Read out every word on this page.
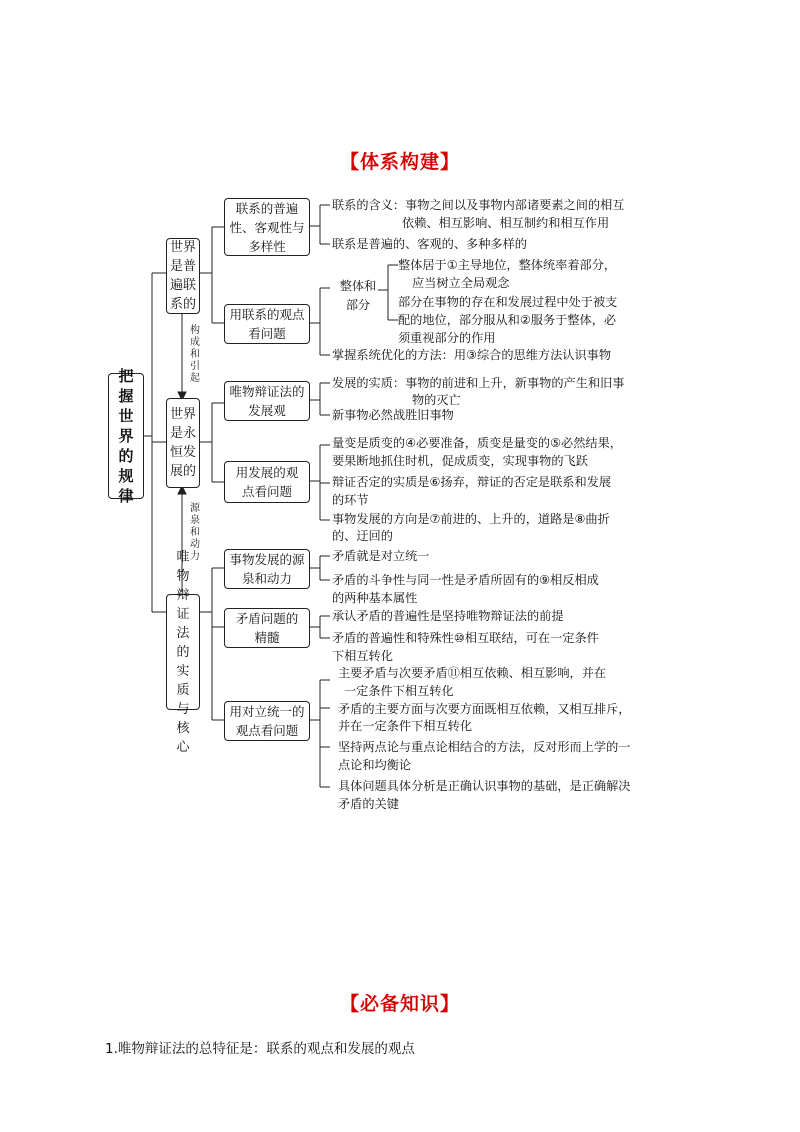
【体系构建】
把握世界的规律
世界是普遍联系的
世界是永恒发展的
唯物辩证法的实质与核心
构成和引起
源泉和动力
联系的普遍性、客观性与多样性
用联系的观点看问题
唯物辩证法的发展观
用发展的观点看问题
事物发展的源泉和动力
矛盾问题的精髓
用对立统一的观点看问题
整体和部分
联系的含义：事物之间以及事物内部诸要素之间的相互
依赖、相互影响、相互制约和相互作用
联系是普遍的、客观的、多种多样的
整体居于①主导地位，整体统率着部分，
应当树立全局观念
部分在事物的存在和发展过程中处于被支
配的地位，部分服从和②服务于整体，必
须重视部分的作用
掌握系统优化的方法：用③综合的思维方法认识事物
发展的实质：事物的前进和上升，新事物的产生和旧事
物的灭亡
新事物必然战胜旧事物
量变是质变的④必要准备，质变是量变的⑤必然结果，
要果断地抓住时机，促成质变，实现事物的飞跃
辩证否定的实质是⑥扬弃，辩证的否定是联系和发展
的环节
事物发展的方向是⑦前进的、上升的，道路是⑧曲折
的、迂回的
矛盾就是对立统一
矛盾的斗争性与同一性是矛盾所固有的⑨相反相成
的两种基本属性
承认矛盾的普遍性是坚持唯物辩证法的前提
矛盾的普遍性和特殊性⑩相互联结，可在一定条件
下相互转化
主要矛盾与次要矛盾⑪相互依赖、相互影响，并在
一定条件下相互转化
矛盾的主要方面与次要方面既相互依赖，又相互排斥，
并在一定条件下相互转化
坚持两点论与重点论相结合的方法，反对形而上学的一
点论和均衡论
具体问题具体分析是正确认识事物的基础，是正确解决
矛盾的关键
【必备知识】
1.唯物辩证法的总特征是：联系的观点和发展的观点
